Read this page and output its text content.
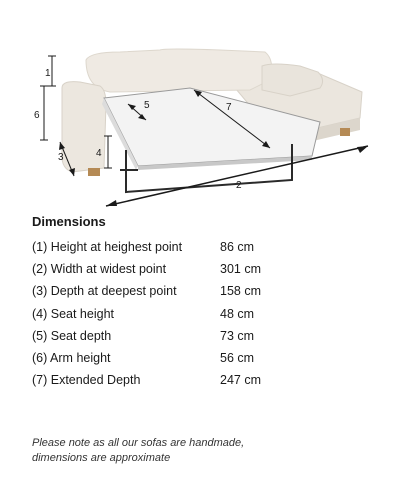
1
2
3	4
5
6
7
Dimensions
(1) Height at heighest point	86 cm
(2) Width at widest point	301 cm
(3) Depth at deepest point	158 cm
(4) Seat height	48 cm
(5) Seat depth	73 cm
(6) Arm height	56 cm
(7) Extended Depth	247 cm
Please note as all our sofas are handmade,
dimensions are approximate
